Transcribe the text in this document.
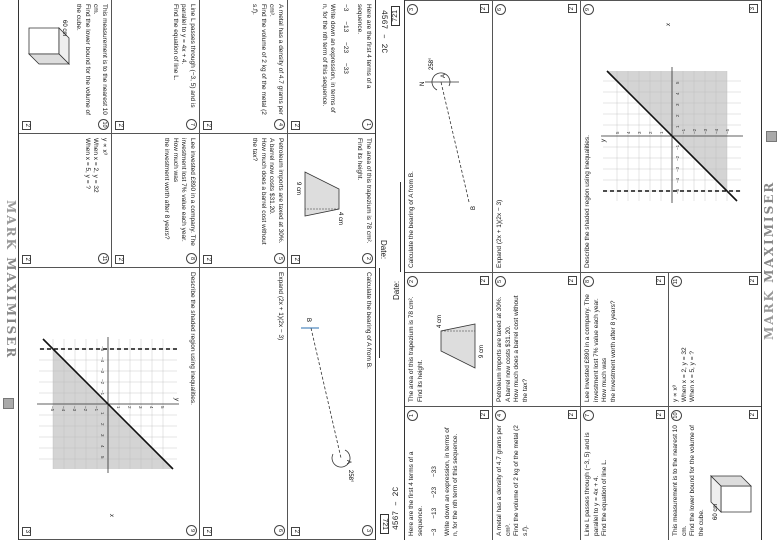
4567 – 2C
Date:
721
1
Here are the first 4 terms of a sequence.
−3 −13 −23 −33
Write down an expression, in terms of n, for the nth term of this sequence.
2
2
The area of this trapezium is 78 cm².
Find its height.
4 cm
9 cm
2
3
Calculate the bearing of A from B.
A
B
258°
2
4
A metal has a density of 4.7 grams per cm³.
Find the volume of 2 kg of the metal (2 s.f).
2
5
Petroleum imports are taxed at 30%.
A barrel now costs $31.20.
How much does a barrel cost without the tax?
2
6
Expand (2x + 1)(2x − 3)
2
7
Line L passes through (−3, 5) and is
parallel to y = 4x + 4.
Find the equation of line L.
2
8
Lee invested £890 in a company. The
investment lost 7% value each year. How much was
the investment worth after 8 years?
2
9
Describe the shaded region using inequalities.
−5
−5
−4
−4
−3
−3
−2
−2
−1
−1
1
1
2
2
3
3
4
4
5
5
x
y
3
10
This measurement is to the nearest 10 cm.
Find the lower bound for the volume of the cube.
60 cm
2
11
y ∝ x³
When x = 2, y = 32
When x = 5, y = ?
2
MARK MAXIMISER
4567 – 2C
Date:
721
1
Here are the first 4 terms of a sequence. −3 −13 −23 −33 Write down an expression, in terms of n, for the nth term of this sequence.
2
2
The area of this trapezium is 78 cm². Find its height.
4 cm
9 cm
2
3
Calculate the bearing of A from B.
N
A
B
258°
2
4
A metal has a density of 4.7 grams per cm³. Find the volume of 2 kg of the metal (2 s.f).
2
5
Petroleum imports are taxed at 30%. A barrel now costs $31.20. How much does a barrel cost without the tax?
2
6
Expand (2x + 1)(2x − 3)
2
7
Line L passes through (−3, 5) and is parallel to y = 4x + 4. Find the equation of line L.
2
8
Lee invested £890 in a company. The investment lost 7% value each year. How much was the investment worth after 8 years?
2
9
Describe the shaded region using inequalities.	−5
−5
−4
−4
−3
−3
−2
−2
−1
−1
1
1
2
2
3
3
4
4
5
5
x
y
3
10
This measurement is to the nearest 10 cm. Find the lower bound for the volume of the cube. 60 cm
2
11
y ∝ x³ When x = 2, y = 32 When x = 5, y = ?
2
MARK MAXIMISER
